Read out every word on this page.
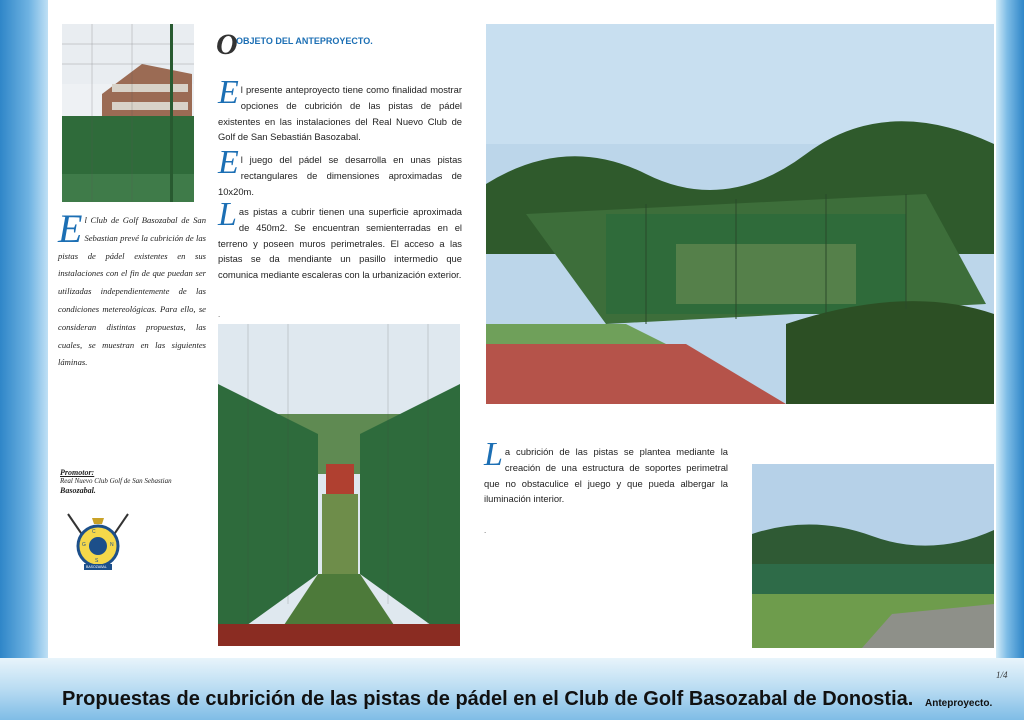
O
OBJETO DEL ANTEPROYECTO.
El presente anteproyecto tiene como finalidad mostrar opciones de cubrición de las pistas de pádel existentes en las instalaciones del Real Nuevo Club de Golf de San Sebastián Basozabal.
El juego del pádel se desarrolla en unas pistas rectangulares de dimensiones aproximadas de 10x20m.
Las pistas a cubrir tienen una superficie aproximada de 450m2. Se encuentran semienterradas en el terreno y poseen muros perimetrales. El acceso a las pistas se da mendiante un pasillo intermedio que comunica mediante escaleras con la urbanización exterior.
.
La cubrición de las pistas se plantea mediante la creación de una estructura de soportes perimetral que no obstaculice el juego y que pueda albergar la iluminación interior.
.
El Club de Golf Basozabal de San Sebastian prevé la cubrición de las pistas de pádel existentes en sus instalaciones con el fin de que puedan ser utilizadas independientemente de las condiciones metereológicas. Para ello, se consideran distintas propuestas, las cuales, se muestran en las siguientes láminas.
Promotor:
Real Nuevo Club Golf de San Sebastian
Basozabal.
C
G	N
S
BASOZABAL
1/4
Propuestas de cubrición de las pistas de pádel en el Club de Golf Basozabal de Donostia. Anteproyecto.
